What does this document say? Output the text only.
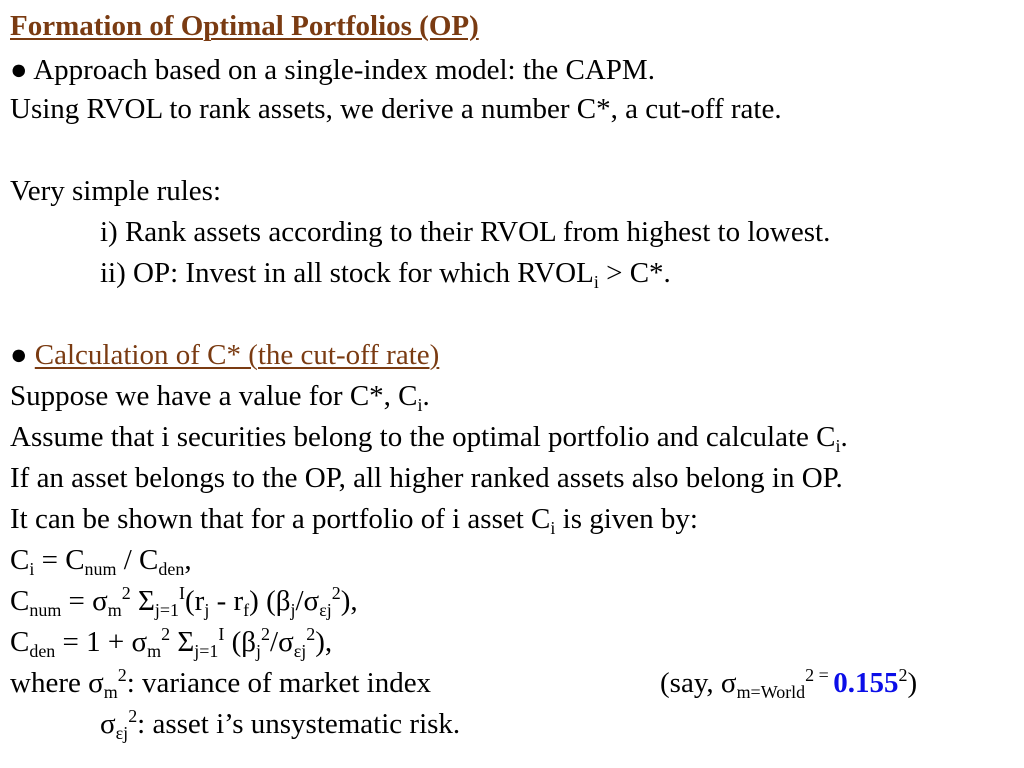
Formation of Optimal Portfolios (OP)
● Approach based on a single-index model: the CAPM.
Using RVOL to rank assets, we derive a number C*, a cut-off rate.
Very simple rules:
i) Rank assets according to their RVOL from highest to lowest.
ii) OP: Invest in all stock for which $RVOL_i > C*$.
● Calculation of C* (the cut-off rate)
Suppose we have a value for C*, $C_i$.
Assume that i securities belong to the optimal portfolio and calculate $C_i$.
If an asset belongs to the OP, all higher ranked assets also belong in OP.
It can be shown that for a portfolio of i asset $C_i$ is given by:
$C_i = C_{num} / C_{den}$,
$C_{num} = \sigma_m^2$ $\Sigma_{j=1}^I(r_j - r_f)$ $(\beta_j/\sigma_{\varepsilon j}^2)$,
$C_{den} = 1 + \sigma_m^2$ $\Sigma_{j=1}^I$ $(\beta_j^2/\sigma_{\varepsilon j}^2)$,
where $\sigma_m^2$: variance of market index	(say, $\sigma_{m=World}^{2 =}$ 0.155$^2$)
$\sigma_{\varepsilon j}^2$: asset i’s unsystematic risk.
